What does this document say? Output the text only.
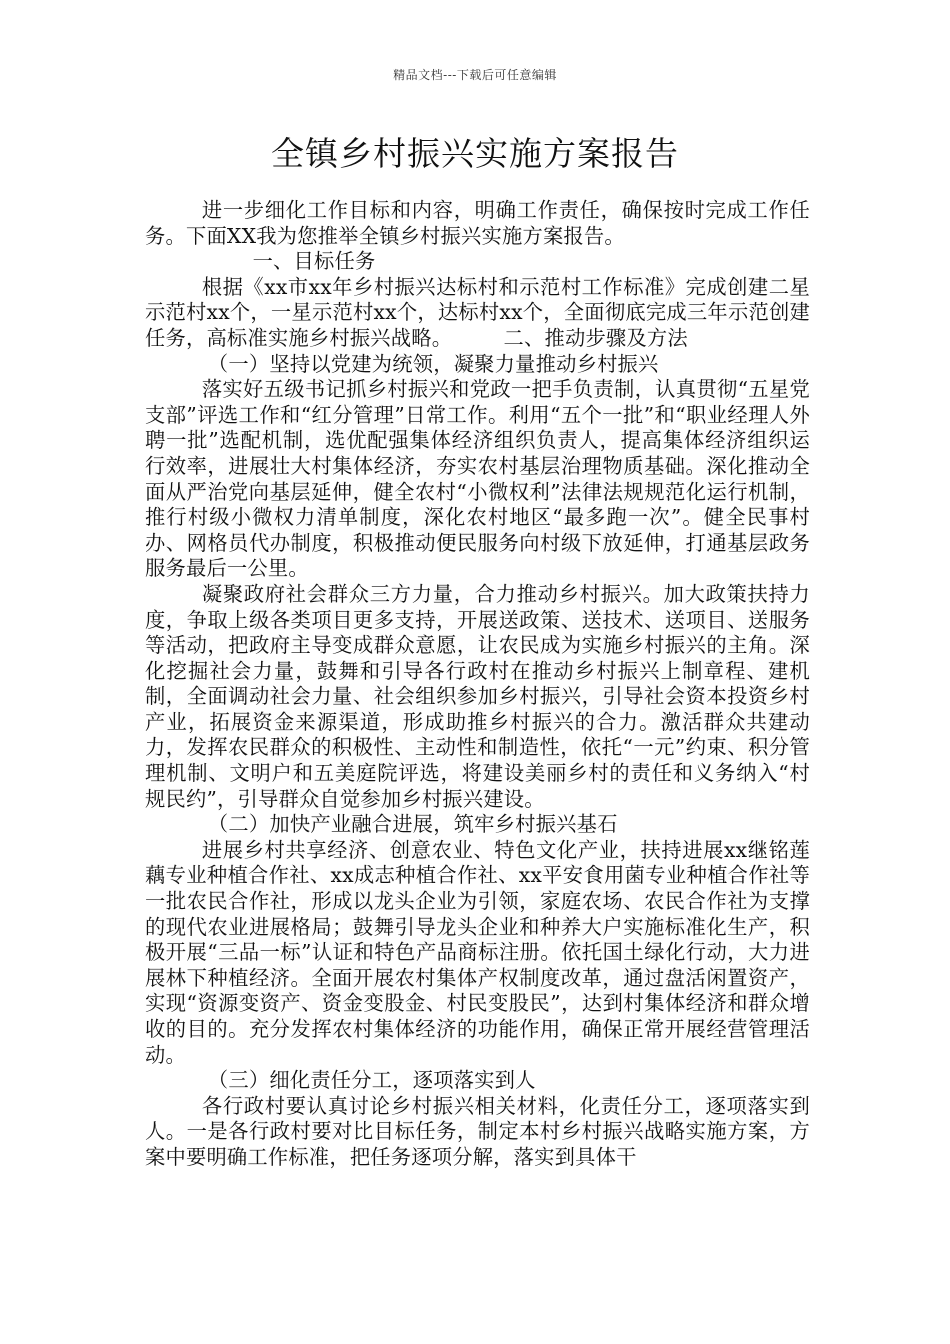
精品文档---下载后可任意编辑
全镇乡村振兴实施方案报告

进一步细化工作目标和内容，明确工作责任，确保按时完成工作任务。下面XX我为您推举全镇乡村振兴实施方案报告。

一、目标任务

根据《xx市xx年乡村振兴达标村和示范村工作标准》完成创建二星示范村xx个，一星示范村xx个，达标村xx个，全面彻底完成三年示范创建任务，高标准实施乡村振兴战略。　　　二、推动步骤及方法

（一）坚持以党建为统领，凝聚力量推动乡村振兴

落实好五级书记抓乡村振兴和党政一把手负责制，认真贯彻“五星党支部”评选工作和“红分管理”日常工作。利用“五个一批”和“职业经理人外聘一批”选配机制，选优配强集体经济组织负责人，提高集体经济组织运行效率，进展壮大村集体经济，夯实农村基层治理物质基础。深化推动全面从严治党向基层延伸，健全农村“小微权利”法律法规规范化运行机制，推行村级小微权力清单制度，深化农村地区“最多跑一次”。健全民事村办、网格员代办制度，积极推动便民服务向村级下放延伸，打通基层政务服务最后一公里。

凝聚政府社会群众三方力量，合力推动乡村振兴。加大政策扶持力度，争取上级各类项目更多支持，开展送政策、送技术、送项目、送服务等活动，把政府主导变成群众意愿，让农民成为实施乡村振兴的主角。深化挖掘社会力量，鼓舞和引导各行政村在推动乡村振兴上制章程、建机制，全面调动社会力量、社会组织参加乡村振兴，引导社会资本投资乡村产业，拓展资金来源渠道，形成助推乡村振兴的合力。激活群众共建动力，发挥农民群众的积极性、主动性和制造性，依托“一元”约束、积分管理机制、文明户和五美庭院评选，将建设美丽乡村的责任和义务纳入“村规民约”，引导群众自觉参加乡村振兴建设。

（二）加快产业融合进展，筑牢乡村振兴基石

进展乡村共享经济、创意农业、特色文化产业，扶持进展xx继铭莲藕专业种植合作社、xx成志种植合作社、xx平安食用菌专业种植合作社等一批农民合作社，形成以龙头企业为引领，家庭农场、农民合作社为支撑的现代农业进展格局；鼓舞引导龙头企业和种养大户实施标准化生产，积极开展“三品一标”认证和特色产品商标注册。依托国土绿化行动，大力进展林下种植经济。全面开展农村集体产权制度改革，通过盘活闲置资产，实现“资源变资产、资金变股金、村民变股民”，达到村集体经济和群众增收的目的。充分发挥农村集体经济的功能作用，确保正常开展经营管理活动。

（三）细化责任分工，逐项落实到人

各行政村要认真讨论乡村振兴相关材料，化责任分工，逐项落实到人。一是各行政村要对比目标任务，制定本村乡村振兴战略实施方案，方案中要明确工作标准，把任务逐项分解，落实到具体干
